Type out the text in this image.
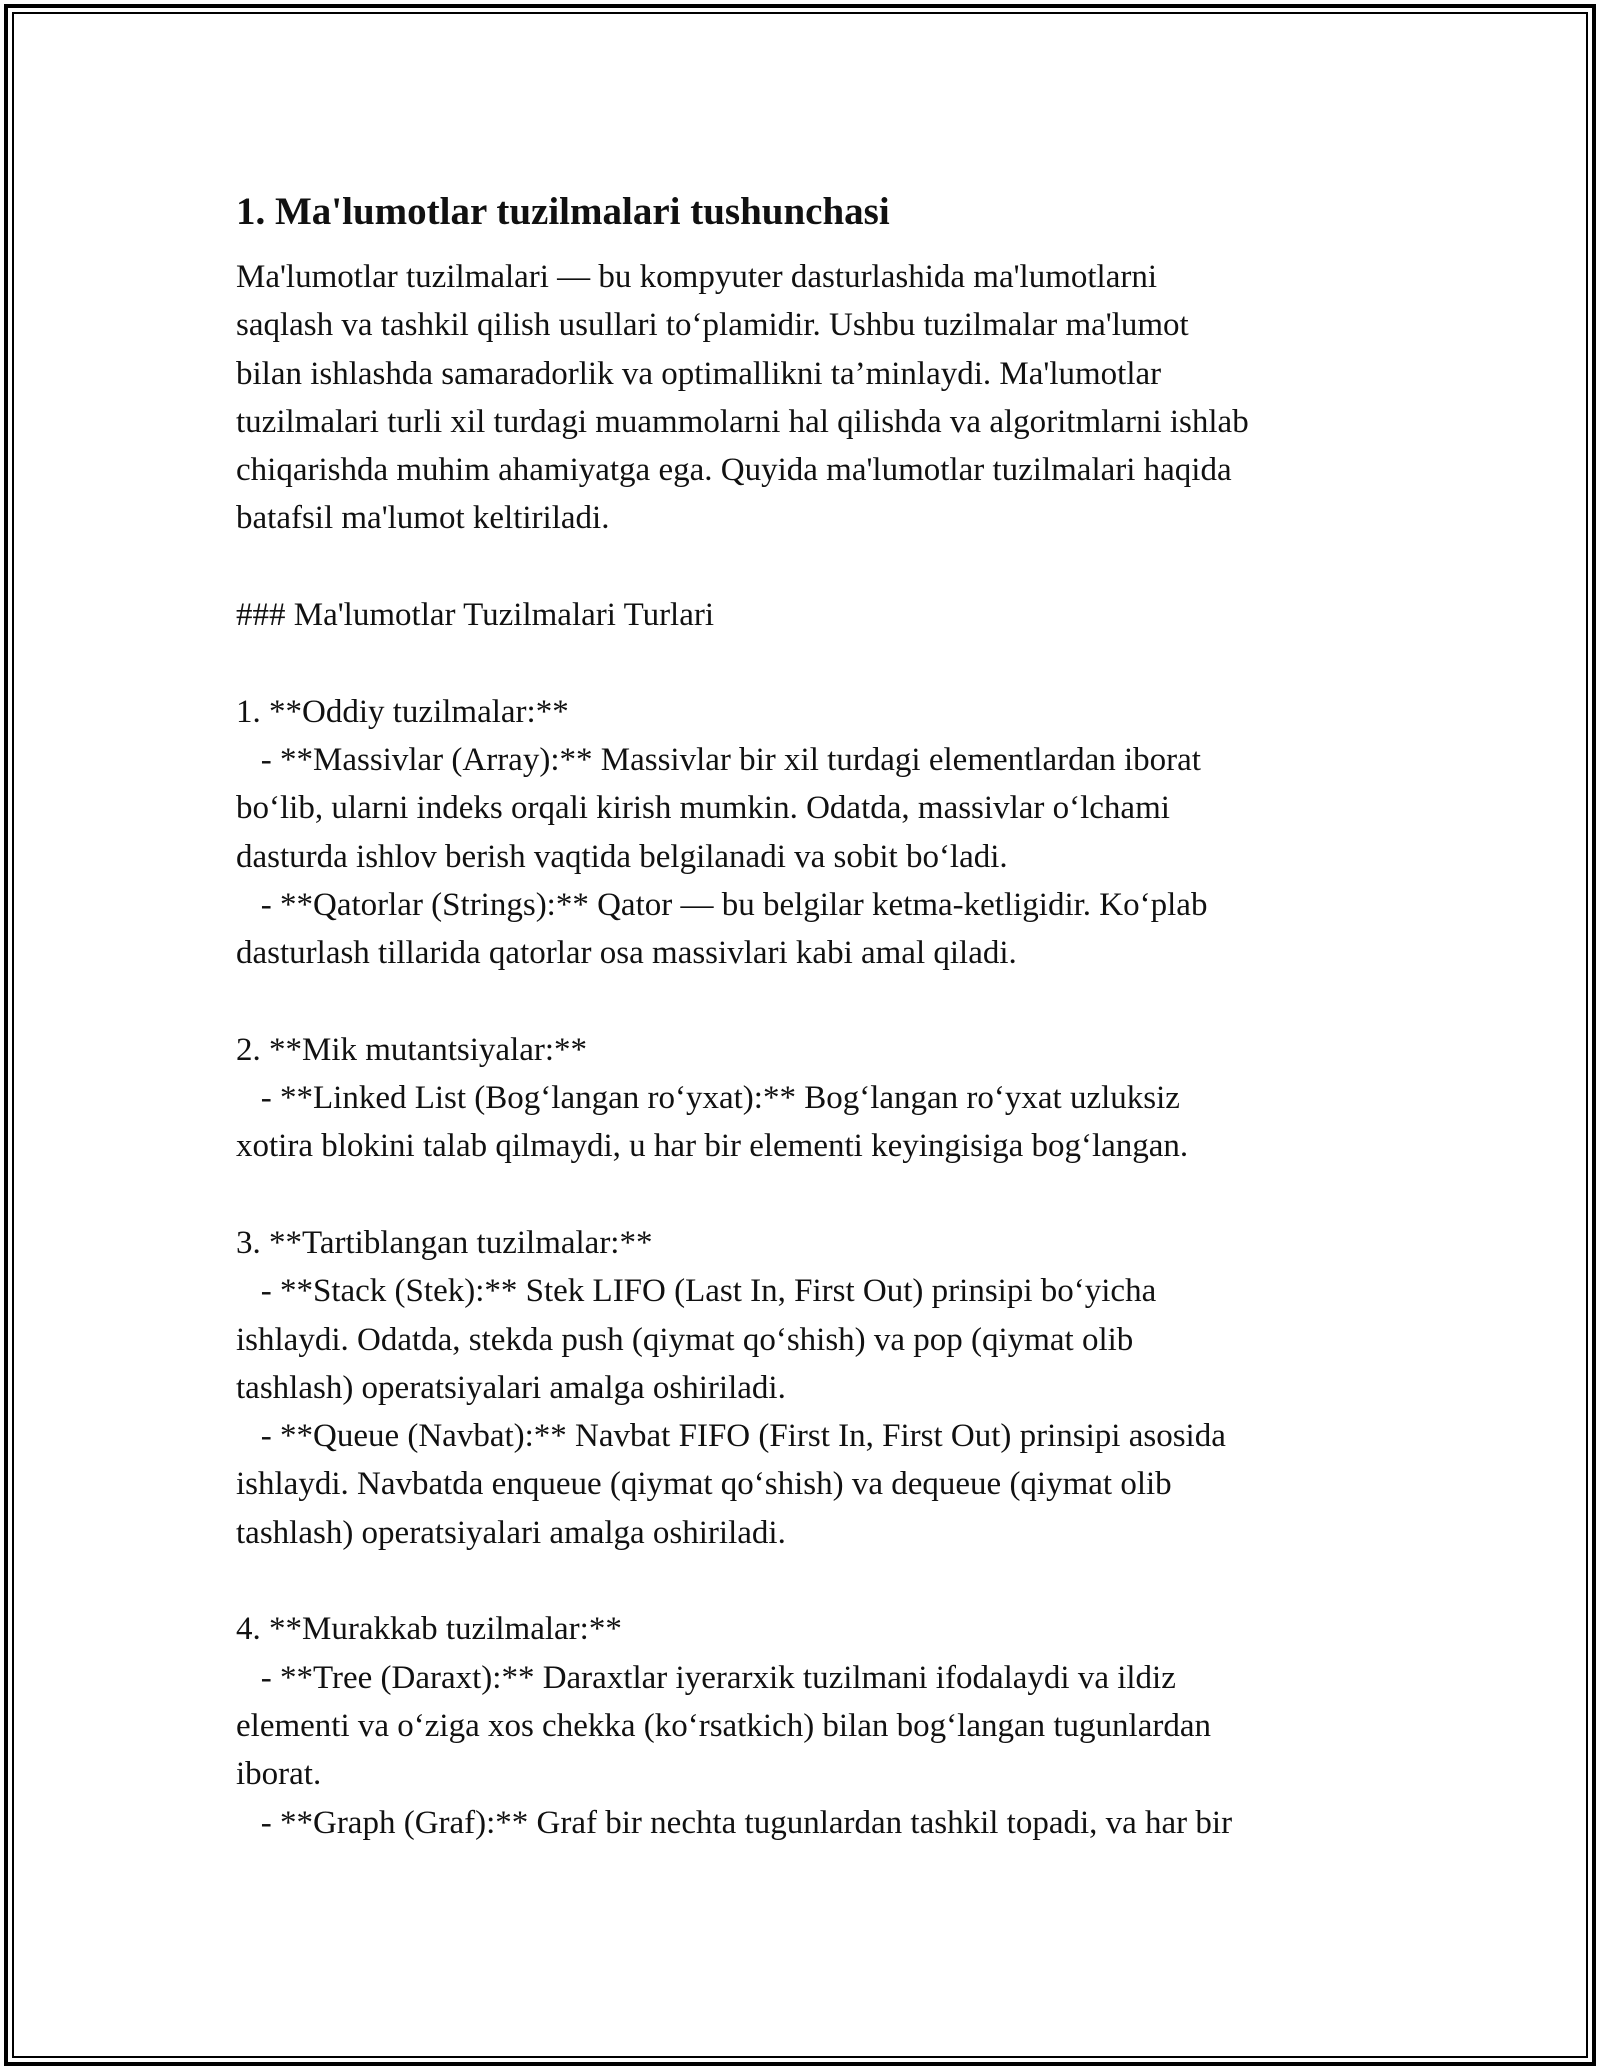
1. Ma'lumotlar tuzilmalari tushunchasi

Ma'lumotlar tuzilmalari — bu kompyuter dasturlashida ma'lumotlarni

saqlash va tashkil qilish usullari to‘plamidir. Ushbu tuzilmalar ma'lumot

bilan ishlashda samaradorlik va optimallikni ta’minlaydi. Ma'lumotlar

tuzilmalari turli xil turdagi muammolarni hal qilishda va algoritmlarni ishlab

chiqarishda muhim ahamiyatga ega. Quyida ma'lumotlar tuzilmalari haqida

batafsil ma'lumot keltiriladi.

### Ma'lumotlar Tuzilmalari Turlari

1. **Oddiy tuzilmalar:**

- **Massivlar (Array):** Massivlar bir xil turdagi elementlardan iborat

bo‘lib, ularni indeks orqali kirish mumkin. Odatda, massivlar o‘lchami

dasturda ishlov berish vaqtida belgilanadi va sobit bo‘ladi.

- **Qatorlar (Strings):** Qator — bu belgilar ketma-ketligidir. Ko‘plab

dasturlash tillarida qatorlar osa massivlari kabi amal qiladi.

2. **Mik mutantsiyalar:**

- **Linked List (Bog‘langan ro‘yxat):** Bog‘langan ro‘yxat uzluksiz

xotira blokini talab qilmaydi, u har bir elementi keyingisiga bog‘langan.

3. **Tartiblangan tuzilmalar:**

- **Stack (Stek):** Stek LIFO (Last In, First Out) prinsipi bo‘yicha

ishlaydi. Odatda, stekda push (qiymat qo‘shish) va pop (qiymat olib

tashlash) operatsiyalari amalga oshiriladi.

- **Queue (Navbat):** Navbat FIFO (First In, First Out) prinsipi asosida

ishlaydi. Navbatda enqueue (qiymat qo‘shish) va dequeue (qiymat olib

tashlash) operatsiyalari amalga oshiriladi.

4. **Murakkab tuzilmalar:**

- **Tree (Daraxt):** Daraxtlar iyerarxik tuzilmani ifodalaydi va ildiz

elementi va o‘ziga xos chekka (ko‘rsatkich) bilan bog‘langan tugunlardan

iborat.

- **Graph (Graf):** Graf bir nechta tugunlardan tashkil topadi, va har bir
